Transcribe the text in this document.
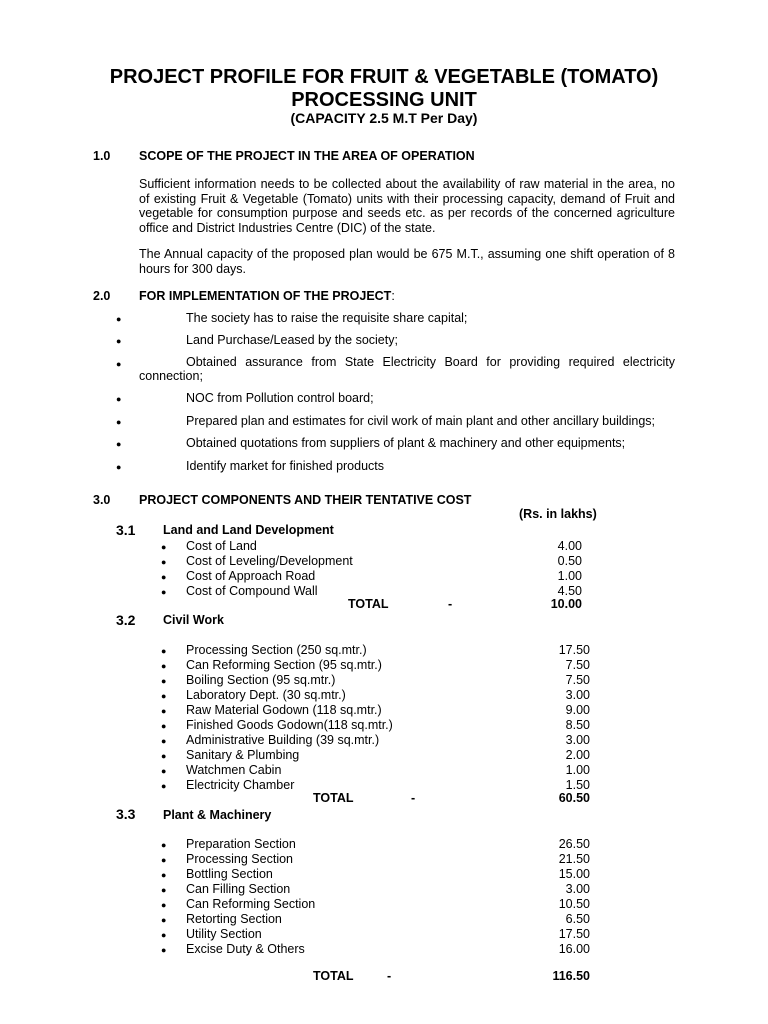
PROJECT PROFILE FOR FRUIT & VEGETABLE (TOMATO)
PROCESSING UNIT
(CAPACITY 2.5 M.T Per Day)
1.0 SCOPE OF THE PROJECT IN THE AREA OF OPERATION
Sufficient information needs to be collected about the availability of raw material in the area, no of existing Fruit & Vegetable (Tomato) units with their processing capacity, demand of Fruit and vegetable for consumption purpose and seeds etc. as per records of the concerned agriculture office and District Industries Centre (DIC) of the state.
The Annual capacity of the proposed plan would be 675 M.T., assuming one shift operation of 8 hours for 300 days.
2.0 FOR IMPLEMENTATION OF THE PROJECT:
●	The society has to raise the requisite share capital;
●	Land Purchase/Leased by the society;
●	Obtained assurance from State Electricity Board for providing required electricity
connection;
●	NOC from Pollution control board;
●	Prepared plan and estimates for civil work of main plant and other ancillary buildings;
●	Obtained quotations from suppliers of plant & machinery and other equipments;
●	Identify market for finished products
3.0 PROJECT COMPONENTS AND THEIR TENTATIVE COST
(Rs. in lakhs)
3.1 Land and Land Development
● Cost of Land	4.00
● Cost of Leveling/Development	0.50
● Cost of Approach Road	1.00
● Cost of Compound Wall	4.50
TOTAL	-	10.00
3.2 Civil Work
● Processing Section (250 sq.mtr.)	17.50
● Can Reforming Section (95 sq.mtr.)	7.50
● Boiling Section (95 sq.mtr.)	7.50
● Laboratory Dept. (30 sq.mtr.)	3.00
● Raw Material Godown (118 sq.mtr.)	9.00
● Finished Goods Godown(118 sq.mtr.)	8.50
● Administrative Building (39 sq.mtr.)	3.00
● Sanitary & Plumbing	2.00
● Watchmen Cabin	1.00
● Electricity Chamber	1.50
TOTAL	-	60.50
3.3 Plant & Machinery
● Preparation Section	26.50
● Processing Section	21.50
● Bottling Section	15.00
● Can Filling Section	3.00
● Can Reforming Section	10.50
● Retorting Section	6.50
● Utility Section	17.50
● Excise Duty & Others	16.00
TOTAL	-	116.50
